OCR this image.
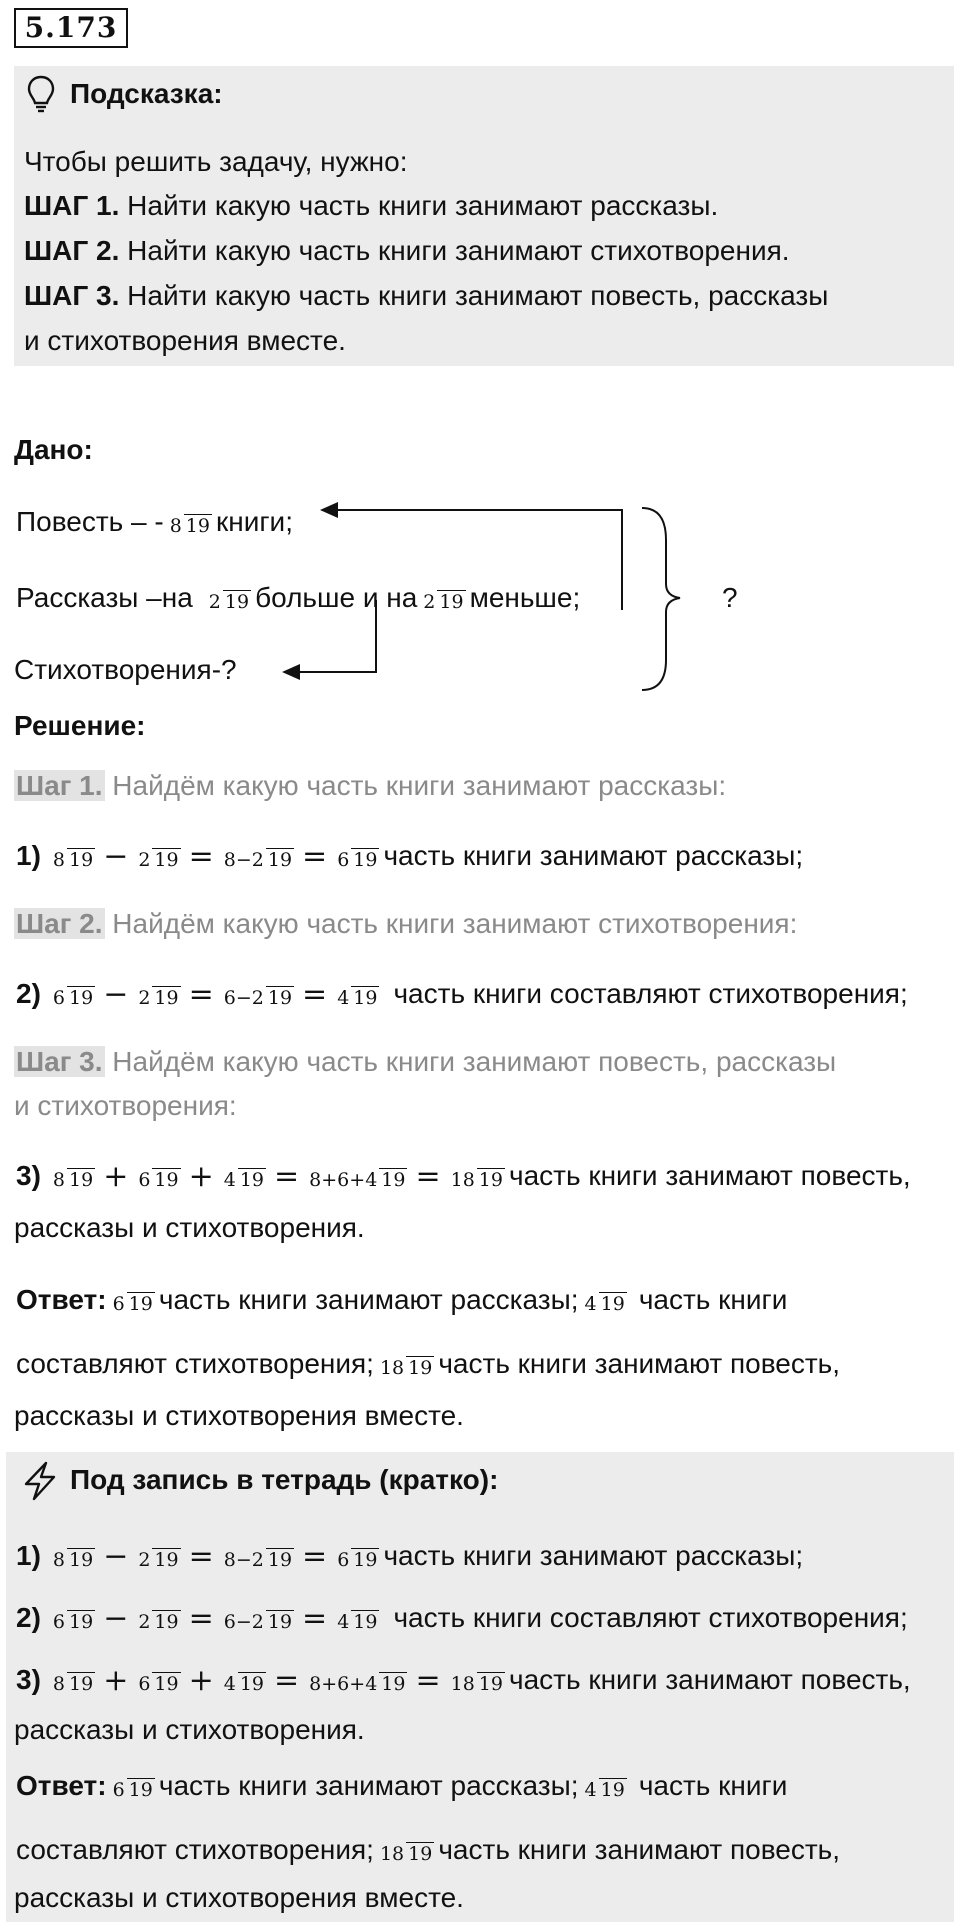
5.173
Подсказка:
Чтобы решить задачу, нужно:
ШАГ 1. Найти какую часть книги занимают рассказы.
ШАГ 2. Найти какую часть книги занимают стихотворения.
ШАГ 3. Найти какую часть книги занимают повесть, рассказы
и стихотворения вместе.
Дано:
Повесть – - 8 19 книги;
Рассказы –на 2 19 больше и на 2 19 меньше;
Стихотворения-?
?
Решение:
Шаг 1. Найдём какую часть книги занимают рассказы:
1) 8 19 − 2 19 = 8−2 19 = 6 19 часть книги занимают рассказы;
Шаг 2. Найдём какую часть книги занимают стихотворения:
2) 6 19 − 2 19 = 6−2 19 = 4 19 часть книги составляют стихотворения;
Шаг 3. Найдём какую часть книги занимают повесть, рассказы
и стихотворения:
3) 8 19 + 6 19 + 4 19 = 8+6+4 19 = 18 19 часть книги занимают повесть,
рассказы и стихотворения.
Ответ: 6 19 часть книги занимают рассказы; 4 19 часть книги
составляют стихотворения; 18 19 часть книги занимают повесть,
рассказы и стихотворения вместе.
Под запись в тетрадь (кратко):
1) 8 19 − 2 19 = 8−2 19 = 6 19 часть книги занимают рассказы;
2) 6 19 − 2 19 = 6−2 19 = 4 19 часть книги составляют стихотворения;
3) 8 19 + 6 19 + 4 19 = 8+6+4 19 = 18 19 часть книги занимают повесть,
рассказы и стихотворения.
Ответ: 6 19 часть книги занимают рассказы; 4 19 часть книги
составляют стихотворения; 18 19 часть книги занимают повесть,
рассказы и стихотворения вместе.
